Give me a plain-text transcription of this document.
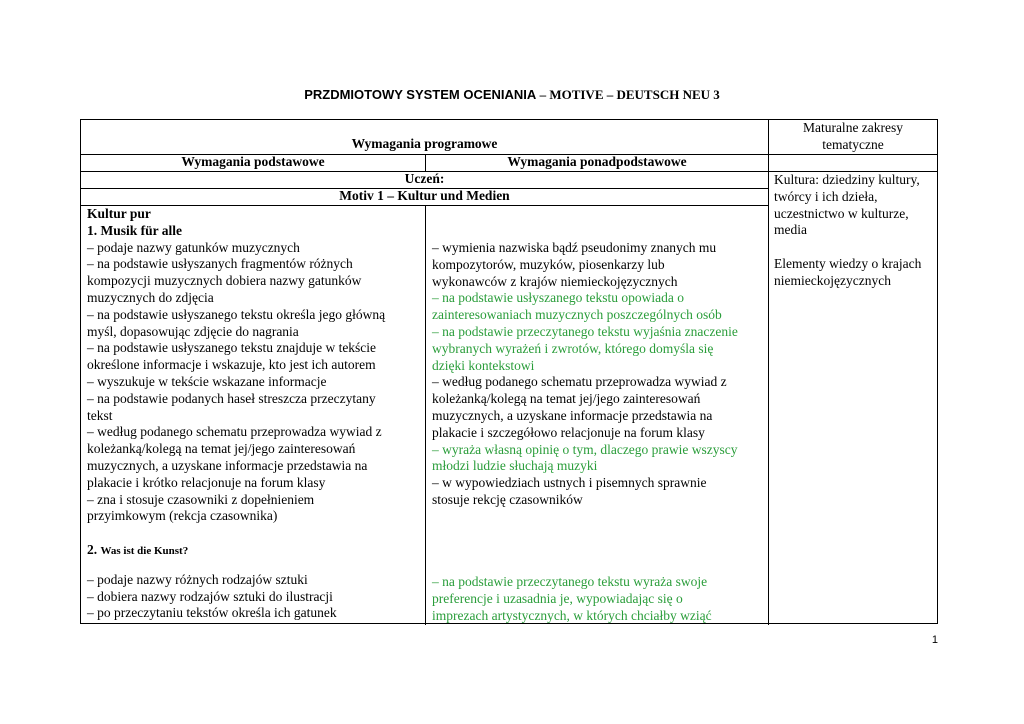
PRZDMIOTOWY SYSTEM OCENIANIA – MOTIVE – DEUTSCH NEU 3
Wymagania programowe
Maturalne zakresy tematyczne
Wymagania podstawowe	Wymagania ponadpodstawowe
Uczeń:
Motiv 1 – Kultur und Medien
Kultura: dziedziny kultury, twórcy i ich dzieła, uczestnictwo w kulturze, media
Elementy wiedzy o krajach niemieckojęzycznych
Kultur pur
1. Musik für alle
– podaje nazwy gatunków muzycznych
– na podstawie usłyszanych fragmentów różnych
kompozycji muzycznych dobiera nazwy gatunków
muzycznych do zdjęcia
– na podstawie usłyszanego tekstu określa jego główną
myśl, dopasowując zdjęcie do nagrania
– na podstawie usłyszanego tekstu znajduje w tekście
określone informacje i wskazuje, kto jest ich autorem
– wyszukuje w tekście wskazane informacje
– na podstawie podanych haseł streszcza przeczytany
tekst
– według podanego schematu przeprowadza wywiad z
koleżanką/kolegą na temat jej/jego zainteresowań
muzycznych, a uzyskane informacje przedstawia na
plakacie i krótko relacjonuje na forum klasy
– zna i stosuje czasowniki z dopełnieniem
przyimkowym (rekcja czasownika)
2. Was ist die Kunst?
– podaje nazwy różnych rodzajów sztuki
– dobiera nazwy rodzajów sztuki do ilustracji
– po przeczytaniu tekstów określa ich gatunek
– wymienia nazwiska bądź pseudonimy znanych mu
kompozytorów, muzyków, piosenkarzy lub
wykonawców z krajów niemieckojęzycznych
– na podstawie usłyszanego tekstu opowiada o
zainteresowaniach muzycznych poszczególnych osób
– na podstawie przeczytanego tekstu wyjaśnia znaczenie
wybranych wyrażeń i zwrotów, którego domyśla się
dzięki kontekstowi
– według podanego schematu przeprowadza wywiad z
koleżanką/kolegą na temat jej/jego zainteresowań
muzycznych, a uzyskane informacje przedstawia na
plakacie i szczegółowo relacjonuje na forum klasy
– wyraża własną opinię o tym, dlaczego prawie wszyscy
młodzi ludzie słuchają muzyki
– w wypowiedziach ustnych i pisemnych sprawnie
stosuje rekcję czasowników
– na podstawie przeczytanego tekstu wyraża swoje
preferencje i uzasadnia je, wypowiadając się o
imprezach artystycznych, w których chciałby wziąć
1
